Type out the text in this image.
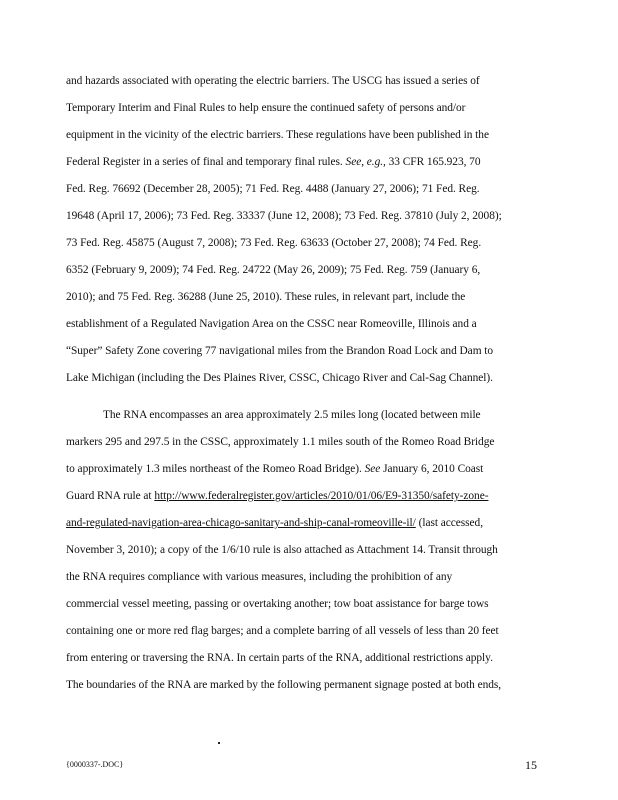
and hazards associated with operating the electric barriers. The USCG has issued a series of
Temporary Interim and Final Rules to help ensure the continued safety of persons and/or
equipment in the vicinity of the electric barriers. These regulations have been published in the
Federal Register in a series of final and temporary final rules. See, e.g., 33 CFR 165.923, 70
Fed. Reg. 76692 (December 28, 2005); 71 Fed. Reg. 4488 (January 27, 2006); 71 Fed. Reg.
19648 (April 17, 2006); 73 Fed. Reg. 33337 (June 12, 2008); 73 Fed. Reg. 37810 (July 2, 2008);
73 Fed. Reg. 45875 (August 7, 2008); 73 Fed. Reg. 63633 (October 27, 2008); 74 Fed. Reg.
6352 (February 9, 2009); 74 Fed. Reg. 24722 (May 26, 2009); 75 Fed. Reg. 759 (January 6,
2010); and 75 Fed. Reg. 36288 (June 25, 2010). These rules, in relevant part, include the
establishment of a Regulated Navigation Area on the CSSC near Romeoville, Illinois and a
“Super” Safety Zone covering 77 navigational miles from the Brandon Road Lock and Dam to
Lake Michigan (including the Des Plaines River, CSSC, Chicago River and Cal-Sag Channel).
The RNA encompasses an area approximately 2.5 miles long (located between mile
markers 295 and 297.5 in the CSSC, approximately 1.1 miles south of the Romeo Road Bridge
to approximately 1.3 miles northeast of the Romeo Road Bridge). See January 6, 2010 Coast
Guard RNA rule at http://www.federalregister.gov/articles/2010/01/06/E9-31350/safety-zone-
and-regulated-navigation-area-chicago-sanitary-and-ship-canal-romeoville-il/ (last accessed,
November 3, 2010); a copy of the 1/6/10 rule is also attached as Attachment 14. Transit through
the RNA requires compliance with various measures, including the prohibition of any
commercial vessel meeting, passing or overtaking another; tow boat assistance for barge tows
containing one or more red flag barges; and a complete barring of all vessels of less than 20 feet
from entering or traversing the RNA. In certain parts of the RNA, additional restrictions apply.
The boundaries of the RNA are marked by the following permanent signage posted at both ends,
{0000337-.DOC}	15
